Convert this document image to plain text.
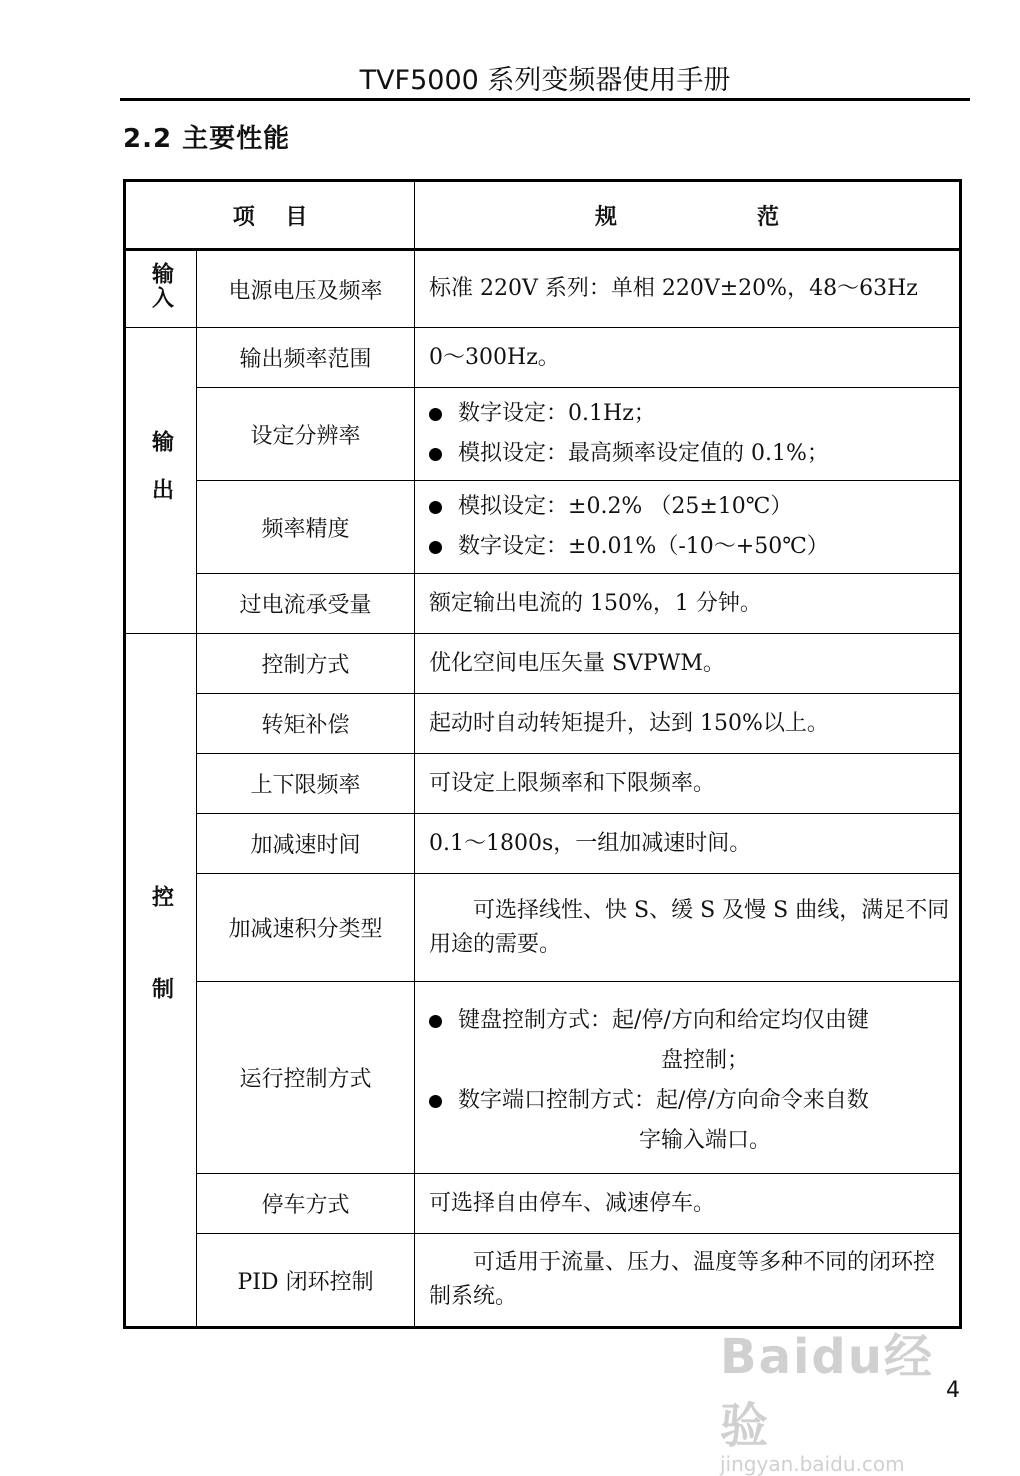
TVF5000 系列变频器使用手册
2.2 主要性能
项    目		规 范
输入	电源电压及频率	标准 220V 系列：单相 220V±20%，48～63Hz
输出	输出频率范围	0～300Hz。
	设定分辨率	数字设定：0.1Hz；
模拟设定：最高频率设定值的 0.1%；

	频率精度	模拟设定：±0.2% （25±10℃）
数字设定：±0.01%（-10～+50℃）

	过电流承受量	额定输出电流的 150%，1 分钟。
控制	控制方式	优化空间电压矢量 SVPWM。
	转矩补偿	起动时自动转矩提升，达到 150%以上。
	上下限频率	可设定上限频率和下限频率。
	加减速时间	0.1～1800s，一组加减速时间。
	加减速积分类型	可选择线性、快 S、缓 S 及慢 S 曲线，满足不同用途的需要。
	运行控制方式	键盘控制方式：起/停/方向和给定均仅由键
盘控制；
数字端口控制方式：起/停/方向命令来自数
字输入端口。

	停车方式	可选择自由停车、减速停车。
	PID 闭环控制	可适用于流量、压力、温度等多种不同的闭环控制系统。
Baidu经验
jingyan.baidu.com
4
